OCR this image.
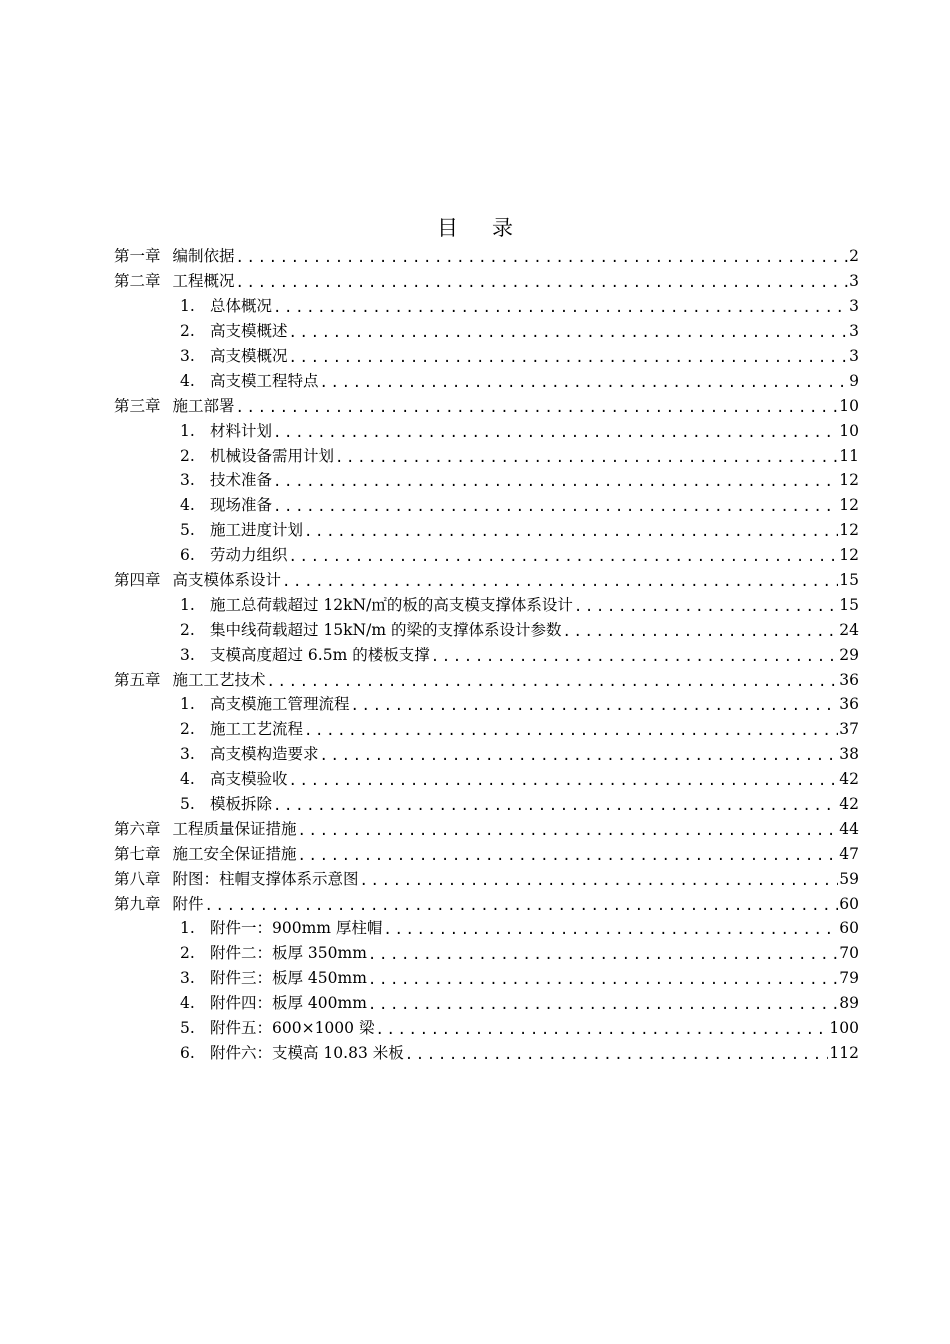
目 录
第一章 编制依据 .....	2
第二章 工程概况 .....	3
1. 总体概况 .....	3
2. 高支模概述 .....	3
3. 高支模概况 .....	3
4. 高支模工程特点 .....	9
第三章 施工部署 .....	10
1. 材料计划 .....	10
2. 机械设备需用计划 .....	11
3. 技术准备 .....	12
4. 现场准备 .....	12
5. 施工进度计划 .....	12
6. 劳动力组织 .....	12
第四章 高支模体系设计 .....	15
1. 施工总荷载超过 12kN/㎡的板的高支模支撑体系设计 .....	15
2. 集中线荷载超过 15kN/m 的梁的支撑体系设计参数 .....	24
3. 支模高度超过 6.5m 的楼板支撑 .....	29
第五章 施工工艺技术 .....	36
1. 高支模施工管理流程 .....	36
2. 施工工艺流程 .....	37
3. 高支模构造要求 .....	38
4. 高支模验收 .....	42
5. 模板拆除 .....	42
第六章 工程质量保证措施 .....	44
第七章 施工安全保证措施 .....	47
第八章 附图：柱帽支撑体系示意图 .....	59
第九章 附件 .....	60
1. 附件一：900mm 厚柱帽 .....	60
2. 附件二：板厚 350mm .....	70
3. 附件三：板厚 450mm .....	79
4. 附件四：板厚 400mm .....	89
5. 附件五：600×1000 梁 .....	100
6. 附件六：支模高 10.83 米板 .....	112
